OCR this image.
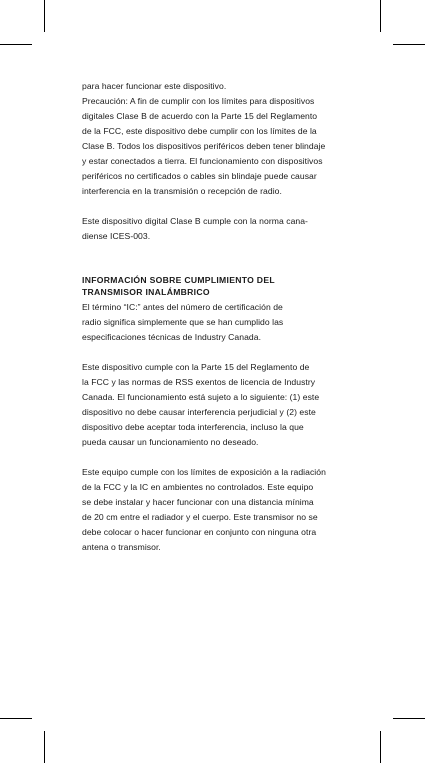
para hacer funcionar este dispositivo.
Precaución: A fin de cumplir con los límites para dispositivos
digitales Clase B de acuerdo con la Parte 15 del Reglamento
de la FCC, este dispositivo debe cumplir con los límites de la
Clase B. Todos los dispositivos periféricos deben tener blindaje
y estar conectados a tierra. El funcionamiento con dispositivos
periféricos no certificados o cables sin blindaje puede causar
interferencia en la transmisión o recepción de radio.

Este dispositivo digital Clase B cumple con la norma cana-
diense ICES-003.

INFORMACIÓN SOBRE CUMPLIMIENTO DEL
TRANSMISOR INALÁMBRICO

El término “IC:” antes del número de certificación de
radio significa simplemente que se han cumplido las
especificaciones técnicas de Industry Canada.

Este dispositivo cumple con la Parte 15 del Reglamento de
la FCC y las normas de RSS exentos de licencia de Industry
Canada. El funcionamiento está sujeto a lo siguiente: (1) este
dispositivo no debe causar interferencia perjudicial y (2) este
dispositivo debe aceptar toda interferencia, incluso la que
pueda causar un funcionamiento no deseado.

Este equipo cumple con los límites de exposición a la radiación
de la FCC y la IC en ambientes no controlados. Este equipo
se debe instalar y hacer funcionar con una distancia mínima
de 20 cm entre el radiador y el cuerpo. Este transmisor no se
debe colocar o hacer funcionar en conjunto con ninguna otra
antena o transmisor.
